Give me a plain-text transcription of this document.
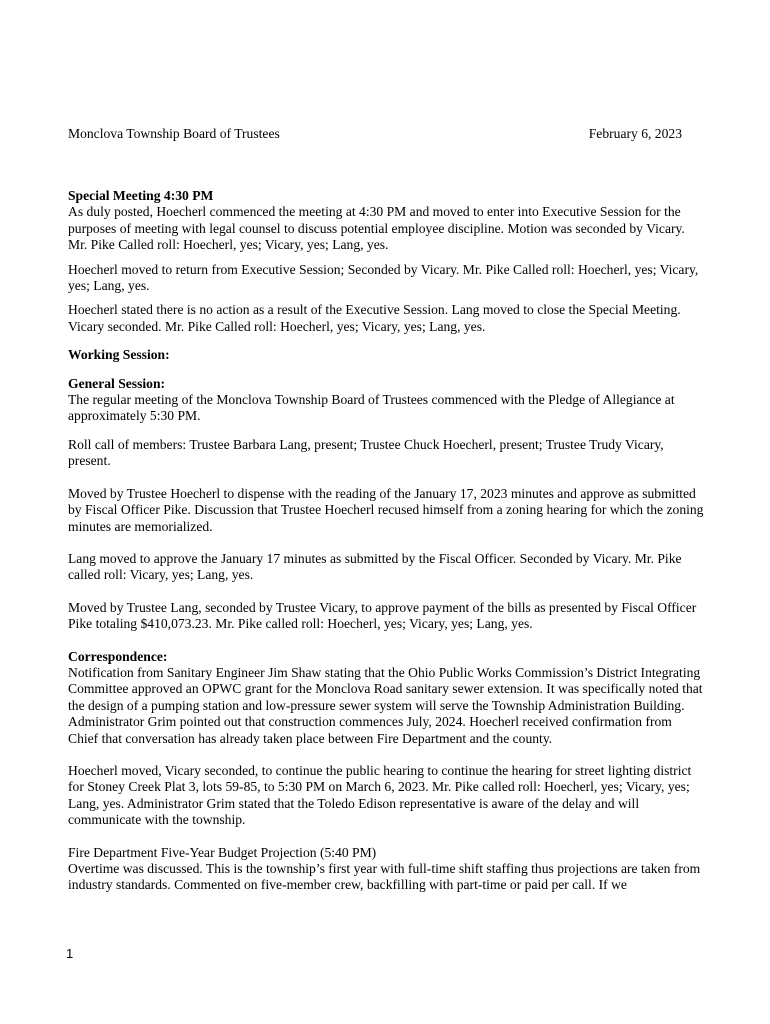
Monclova Township Board of Trustees	February 6, 2023

Special Meeting 4:30 PM

As duly posted, Hoecherl commenced the meeting at 4:30 PM and moved to enter into Executive Session for the purposes of meeting with legal counsel to discuss potential employee discipline. Motion was seconded by Vicary. Mr. Pike Called roll: Hoecherl, yes; Vicary, yes; Lang, yes.

Hoecherl moved to return from Executive Session; Seconded by Vicary. Mr. Pike Called roll: Hoecherl, yes; Vicary, yes; Lang, yes.

Hoecherl stated there is no action as a result of the Executive Session. Lang moved to close the Special Meeting. Vicary seconded. Mr. Pike Called roll: Hoecherl, yes; Vicary, yes; Lang, yes.

Working Session:

General Session:

The regular meeting of the Monclova Township Board of Trustees commenced with the Pledge of Allegiance at approximately 5:30 PM.

Roll call of members: Trustee Barbara Lang, present; Trustee Chuck Hoecherl, present; Trustee Trudy Vicary, present.

Moved by Trustee Hoecherl to dispense with the reading of the January 17, 2023 minutes and approve as submitted by Fiscal Officer Pike. Discussion that Trustee Hoecherl recused himself from a zoning hearing for which the zoning minutes are memorialized.

Lang moved to approve the January 17 minutes as submitted by the Fiscal Officer. Seconded by Vicary. Mr. Pike called roll: Vicary, yes; Lang, yes.

Moved by Trustee Lang, seconded by Trustee Vicary, to approve payment of the bills as presented by Fiscal Officer Pike totaling $410,073.23. Mr. Pike called roll: Hoecherl, yes; Vicary, yes; Lang, yes.

Correspondence:

Notification from Sanitary Engineer Jim Shaw stating that the Ohio Public Works Commission’s District Integrating Committee approved an OPWC grant for the Monclova Road sanitary sewer extension. It was specifically noted that the design of a pumping station and low-pressure sewer system will serve the Township Administration Building. Administrator Grim pointed out that construction commences July, 2024. Hoecherl received confirmation from Chief that conversation has already taken place between Fire Department and the county.

Hoecherl moved, Vicary seconded, to continue the public hearing to continue the hearing for street lighting district for Stoney Creek Plat 3, lots 59-85, to 5:30 PM on March 6, 2023. Mr. Pike called roll: Hoecherl, yes; Vicary, yes; Lang, yes. Administrator Grim stated that the Toledo Edison representative is aware of the delay and will communicate with the township.

Fire Department Five-Year Budget Projection (5:40 PM)

Overtime was discussed. This is the township’s first year with full-time shift staffing thus projections are taken from industry standards. Commented on five-member crew, backfilling with part-time or paid per call. If we

1
